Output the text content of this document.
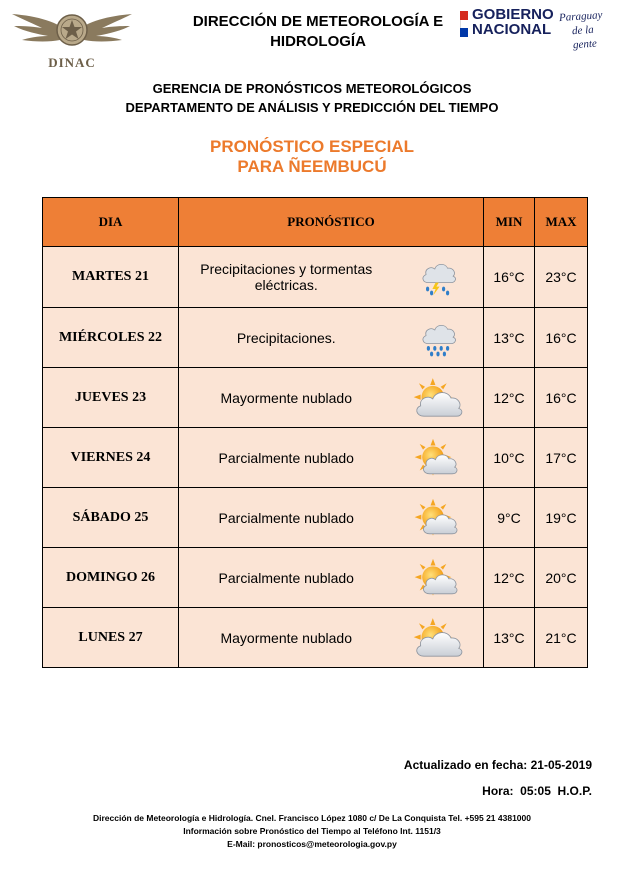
DINAC
DIRECCIÓN DE METEOROLOGÍA E
HIDROLOGÍA
GOBIERNO
NACIONAL
Paraguay
de la gente
GERENCIA DE PRONÓSTICOS METEOROLÓGICOS
DEPARTAMENTO DE ANÁLISIS Y PREDICCIÓN DEL TIEMPO
PRONÓSTICO ESPECIAL
PARA ÑEEMBUCÚ
DIA	PRONÓSTICO		MIN	MAX
MARTES 21	Precipitaciones y tormentas eléctricas.		16°C	23°C
MIÉRCOLES 22	Precipitaciones.		13°C	16°C
JUEVES 23	Mayormente nublado		12°C	16°C
VIERNES 24	Parcialmente nublado		10°C	17°C
SÁBADO 25	Parcialmente nublado		9°C	19°C
DOMINGO 26	Parcialmente nublado		12°C	20°C
LUNES 27	Mayormente nublado		13°C	21°C
Actualizado en fecha: 21-05-2019
Hora:  05:05  H.O.P.
Dirección de Meteorología e Hidrología. Cnel. Francisco López 1080 c/ De La Conquista Tel. +595 21 4381000
Información sobre Pronóstico del Tiempo al Teléfono Int. 1151/3
E-Mail: pronosticos@meteorologia.gov.py
